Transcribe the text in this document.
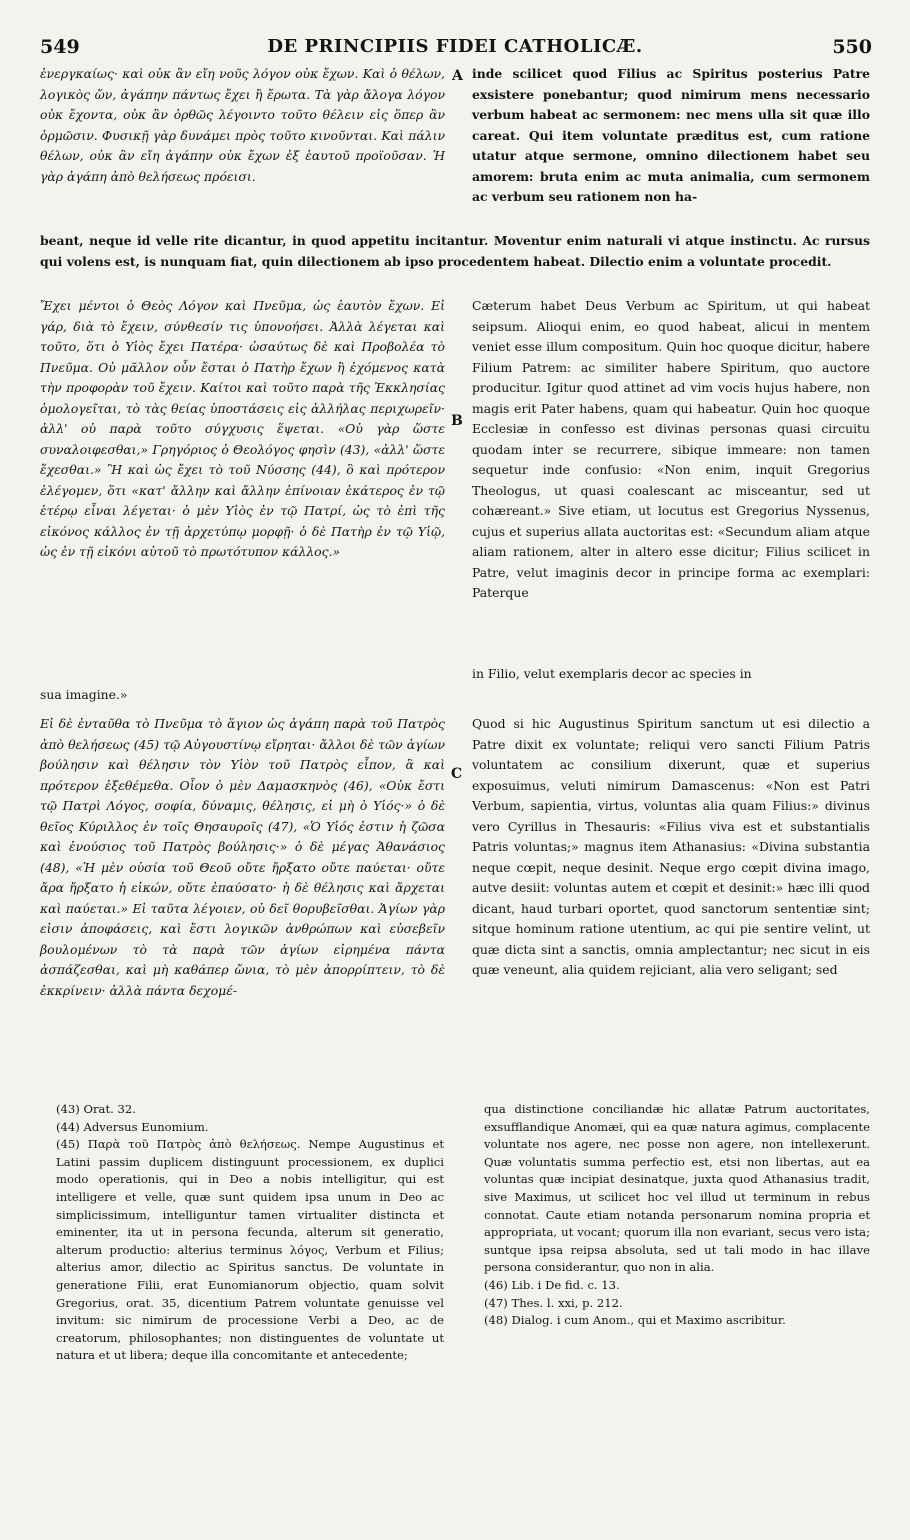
549	DE PRINCIPIIS FIDEI CATHOLICÆ.	550
A
B
C

ἐνεργκαίως· καὶ οὐκ ἂν εἴη νοῦς λόγον οὐκ ἔχων. Καὶ ὁ θέλων, λογικὸς ὤν, ἀγάπην πάντως ἔχει ἢ ἔρωτα. Τὰ γὰρ ἄλογα λόγον οὐκ ἔχοντα, οὐκ ἂν ὀρθῶς λέγοιντο τοῦτο θέλειν εἰς ὅπερ ἂν ὁρμῶσιν. Φυσικῇ γὰρ δυνάμει πρὸς τοῦτο κινοῦνται. Καὶ πάλιν θέλων, οὐκ ἂν εἴη ἀγάπην οὐκ ἔχων ἐξ ἑαυτοῦ προϊοῦσαν. Ἡ γὰρ ἀγάπη ἀπὸ θελήσεως πρόεισι.

inde scilicet quod Filius ac Spiritus posterius Patre exsistere ponebantur; quod nimirum mens necessario verbum habeat ac sermonem: nec mens ulla sit quæ illo careat. Qui item voluntate præditus est, cum ratione utatur atque sermone, omnino dilectionem habet seu amorem: bruta enim ac muta animalia, cum sermonem ac verbum seu rationem non ha-

beant, neque id velle rite dicantur, in quod appetitu incitantur. Moventur enim naturali vi atque instinctu. Ac rursus qui volens est, is nunquam fiat, quin dilectionem ab ipso procedentem habeat. Dilectio enim a voluntate procedit.

Ἔχει μέντοι ὁ Θεὸς Λόγον καὶ Πνεῦμα, ὡς ἑαυτὸν ἔχων. Εἰ γάρ, διὰ τὸ ἔχειν, σύνθεσίν τις ὑπονοήσει. Ἀλλὰ λέγεται καὶ τοῦτο, ὅτι ὁ Υἱὸς ἔχει Πατέρα· ὡσαύτως δὲ καὶ Προβολέα τὸ Πνεῦμα. Οὐ μᾶλλον οὖν ἔσται ὁ Πατὴρ ἔχων ἢ ἐχόμενος κατὰ τὴν προφορὰν τοῦ ἔχειν. Καίτοι καὶ τοῦτο παρὰ τῆς Ἐκκλησίας ὁμολογεῖται, τὸ τὰς θείας ὑποστάσεις εἰς ἀλλήλας περιχωρεῖν· ἀλλ' οὐ παρὰ τοῦτο σύγχυσις ἕψεται. «Οὐ γὰρ ὥστε συναλοιφεσθαι,» Γρηγόριος ὁ Θεολόγος φησὶν (43), «ἀλλ' ὥστε ἔχεσθαι.» Ἢ καὶ ὡς ἔχει τὸ τοῦ Νύσσης (44), ὃ καὶ πρότερον ἐλέγομεν, ὅτι «κατ' ἄλλην καὶ ἄλλην ἐπίνοιαν ἑκάτερος ἐν τῷ ἑτέρῳ εἶναι λέγεται· ὁ μὲν Υἱὸς ἐν τῷ Πατρί, ὡς τὸ ἐπὶ τῆς εἰκόνος κάλλος ἐν τῇ ἀρχετύπῳ μορφῇ· ὁ δὲ Πατὴρ ἐν τῷ Υἱῷ, ὡς ἐν τῇ εἰκόνι αὐτοῦ τὸ πρωτότυπον κάλλος.»

Cæterum habet Deus Verbum ac Spiritum, ut qui habeat seipsum. Alioqui enim, eo quod habeat, alicui in mentem veniet esse illum compositum. Quin hoc quoque dicitur, habere Filium Patrem: ac similiter habere Spiritum, quo auctore producitur. Igitur quod attinet ad vim vocis hujus habere, non magis erit Pater habens, quam qui habeatur. Quin hoc quoque Ecclesiæ in confesso est divinas personas quasi circuitu quodam inter se recurrere, sibique immeare: non tamen sequetur inde confusio: «Non enim, inquit Gregorius Theologus, ut quasi coalescant ac misceantur, sed ut cohæreant.» Sive etiam, ut locutus est Gregorius Nyssenus, cujus et superius allata auctoritas est: «Secundum aliam atque aliam rationem, alter in altero esse dicitur; Filius scilicet in Patre, velut imaginis decor in principe forma ac exemplari: Paterque

in Filio, velut exemplaris decor ac species in

sua imagine.»

Εἰ δὲ ἐνταῦθα τὸ Πνεῦμα τὸ ἅγιον ὡς ἀγάπη παρὰ τοῦ Πατρὸς ἀπὸ θελήσεως (45) τῷ Αὐγουστίνῳ εἴρηται· ἄλλοι δὲ τῶν ἁγίων βούλησιν καὶ θέλησιν τὸν Υἱὸν τοῦ Πατρὸς εἶπον, ἃ καὶ πρότερον ἐξεθέμεθα. Οἷον ὁ μὲν Δαμασκηνὸς (46), «Οὐκ ἔστι τῷ Πατρὶ Λόγος, σοφία, δύναμις, θέλησις, εἰ μὴ ὁ Υἱός·» ὁ δὲ θεῖος Κύριλλος ἐν τοῖς Θησαυροῖς (47), «Ὁ Υἱός ἐστιν ἡ ζῶσα καὶ ἐνούσιος τοῦ Πατρὸς βούλησις·» ὁ δὲ μέγας Ἀθανάσιος (48), «Ἡ μὲν οὐσία τοῦ Θεοῦ οὔτε ἤρξατο οὔτε παύεται· οὔτε ἄρα ἤρξατο ἡ εἰκών, οὔτε ἐπαύσατο· ἡ δὲ θέλησις καὶ ἄρχεται καὶ παύεται.» Εἰ ταῦτα λέγοιεν, οὐ δεῖ θορυβεῖσθαι. Ἁγίων γὰρ εἰσιν ἀποφάσεις, καὶ ἔστι λογικῶν ἀνθρώπων καὶ εὐσεβεῖν βουλομένων τὸ τὰ παρὰ τῶν ἁγίων εἰρημένα πάντα ἀσπάζεσθαι, καὶ μὴ καθάπερ ὤνια, τὸ μὲν ἀπορρίπτειν, τὸ δὲ ἐκκρίνειν· ἀλλὰ πάντα δεχομέ-

Quod si hic Augustinus Spiritum sanctum ut esi dilectio a Patre dixit ex voluntate; reliqui vero sancti Filium Patris voluntatem ac consilium dixerunt, quæ et superius exposuimus, veluti nimirum Damascenus: «Non est Patri Verbum, sapientia, virtus, voluntas alia quam Filius:» divinus vero Cyrillus in Thesauris: «Filius viva est et substantialis Patris voluntas;» magnus item Athanasius: «Divina substantia neque cœpit, neque desinit. Neque ergo cœpit divina imago, autve desiit: voluntas autem et cœpit et desinit:» hæc illi quod dicant, haud turbari oportet, quod sanctorum sententiæ sint; sitque hominum ratione utentium, ac qui pie sentire velint, ut quæ dicta sint a sanctis, omnia amplectantur; nec sicut in eis quæ veneunt, alia quidem rejiciant, alia vero seligant; sed

(43) Orat. 32.

(44) Adversus Eunomium.

(45) Παρὰ τοῦ Πατρὸς ἀπὸ θελήσεως. Nempe Augustinus et Latini passim duplicem distinguunt processionem, ex duplici modo operationis, qui in Deo a nobis intelligitur, qui est intelligere et velle, quæ sunt quidem ipsa unum in Deo ac simplicissimum, intelliguntur tamen virtualiter distincta et eminenter, ita ut in persona fecunda, alterum sit generatio, alterum productio: alterius terminus λόγος, Verbum et Filius; alterius amor, dilectio ac Spiritus sanctus. De voluntate in generatione Filii, erat Eunomianorum objectio, quam solvit Gregorius, orat. 35, dicentium Patrem voluntate genuisse vel invitum: sic nimirum de processione Verbi a Deo, ac de creatorum, philosophantes; non distinguentes de voluntate ut natura et ut libera; deque illa concomitante et antecedente;

qua distinctione conciliandæ hic allatæ Patrum auctoritates, exsufflandique Anomæi, qui ea quæ natura agimus, complacente voluntate nos agere, nec posse non agere, non intellexerunt. Quæ voluntatis summa perfectio est, etsi non libertas, aut ea voluntas quæ incipiat desinatque, juxta quod Athanasius tradit, sive Maximus, ut scilicet hoc vel illud ut terminum in rebus connotat. Caute etiam notanda personarum nomina propria et appropriata, ut vocant; quorum illa non evariant, secus vero ista; suntque ipsa reipsa absoluta, sed ut tali modo in hac illave persona considerantur, quo non in alia.

(46) Lib. i De fid. c. 13.

(47) Thes. l. xxi, p. 212.

(48) Dialog. i cum Anom., qui et Maximo ascribitur.
